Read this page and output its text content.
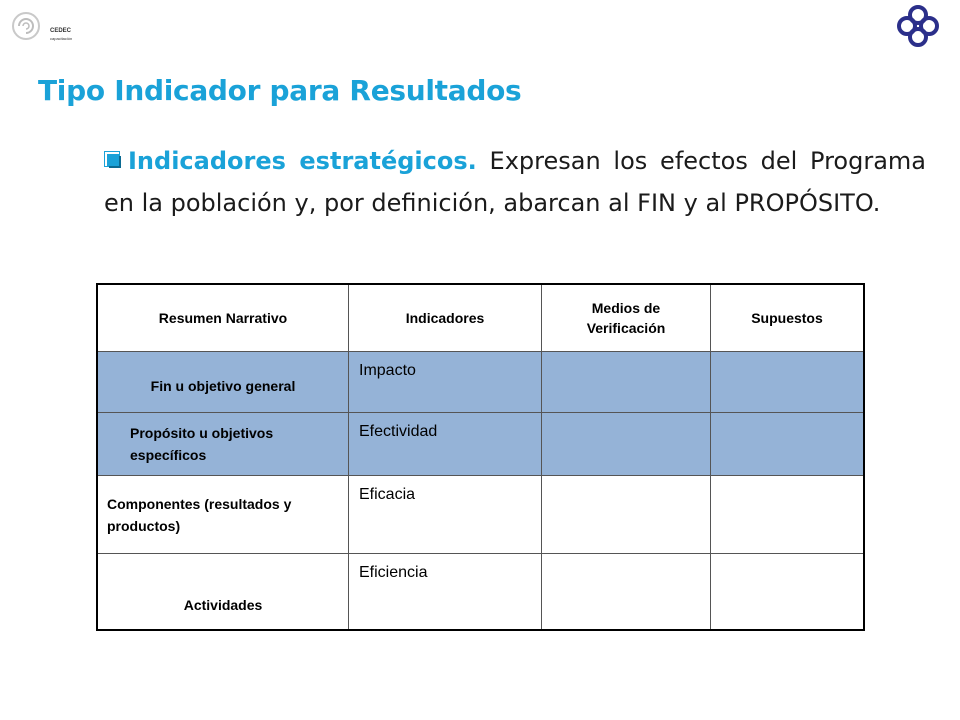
CEDEC
capacitación
Tipo Indicador para Resultados
Indicadores estratégicos. Expresan los efectos del Programa en la población y, por definición, abarcan al FIN y al PROPÓSITO.
Resumen Narrativo	Indicadores	Medios de Verificación	Supuestos
Fin u objetivo general	Impacto		

Propósito u objetivos específicos	Efectividad		

Componentes (resultados y productos)	Eficacia		
Actividades	Eficiencia		
